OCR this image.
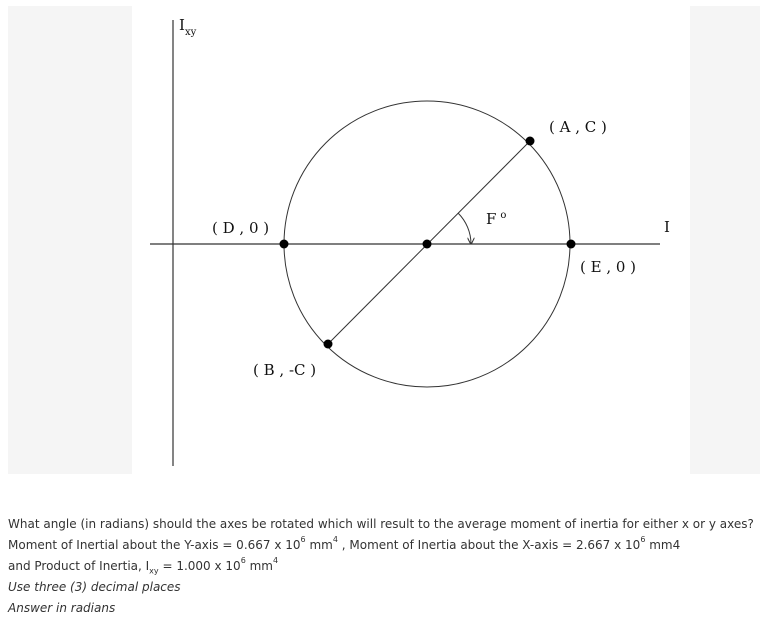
$I_{xy}$
I
( A , C )
( B , -C )
( D , 0 )
( E , 0 )
F $^o$
What angle (in radians) should the axes be rotated which will result to the average moment of inertia for either x or y axes?
Moment of Inertial about the Y-axis = 0.667 x $10^6$ $mm^4$ , Moment of Inertia about the X-axis = 2.667 x $10^6$ mm4
and Product of Inertia, $I_{xy} = 1.000$ x $10^6$ $mm^4$
Use three (3) decimal places
Answer in radians
